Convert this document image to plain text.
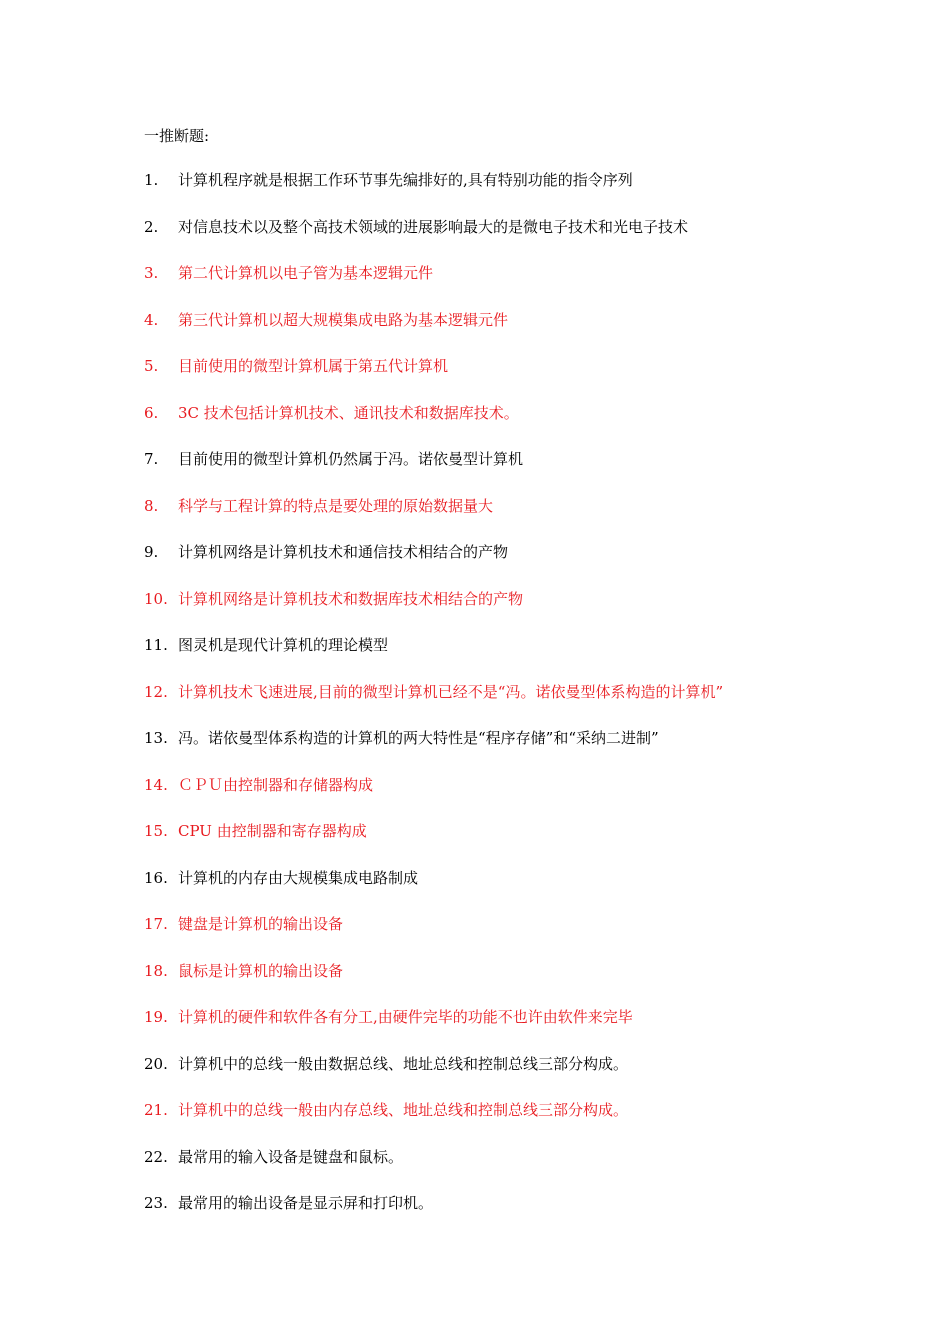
一推断题:
1.	计算机程序就是根据工作环节事先编排好的,具有特别功能的指令序列
2.	对信息技术以及整个高技术领域的进展影响最大的是微电子技术和光电子技术
3.	第二代计算机以电子管为基本逻辑元件
4.	第三代计算机以超大规模集成电路为基本逻辑元件
5.	目前使用的微型计算机属于第五代计算机
6.	3C 技术包括计算机技术、通讯技术和数据库技术。
7.	目前使用的微型计算机仍然属于冯。诺依曼型计算机
8.	科学与工程计算的特点是要处理的原始数据量大
9.	计算机网络是计算机技术和通信技术相结合的产物
10. 计算机网络是计算机技术和数据库技术相结合的产物
11. 图灵机是现代计算机的理论模型
12. 计算机技术飞速进展,目前的微型计算机已经不是“冯。诺依曼型体系构造的计算机”
13. 冯。诺依曼型体系构造的计算机的两大特性是“程序存储”和“采纳二进制”
14. ＣＰＵ由控制器和存储器构成
15. CPU 由控制器和寄存器构成
16. 计算机的内存由大规模集成电路制成
17. 键盘是计算机的输出设备
18. 鼠标是计算机的输出设备
19. 计算机的硬件和软件各有分工,由硬件完毕的功能不也许由软件来完毕
20. 计算机中的总线一般由数据总线、地址总线和控制总线三部分构成。
21. 计算机中的总线一般由内存总线、地址总线和控制总线三部分构成。
22. 最常用的输入设备是键盘和鼠标。
23. 最常用的输出设备是显示屏和打印机。
